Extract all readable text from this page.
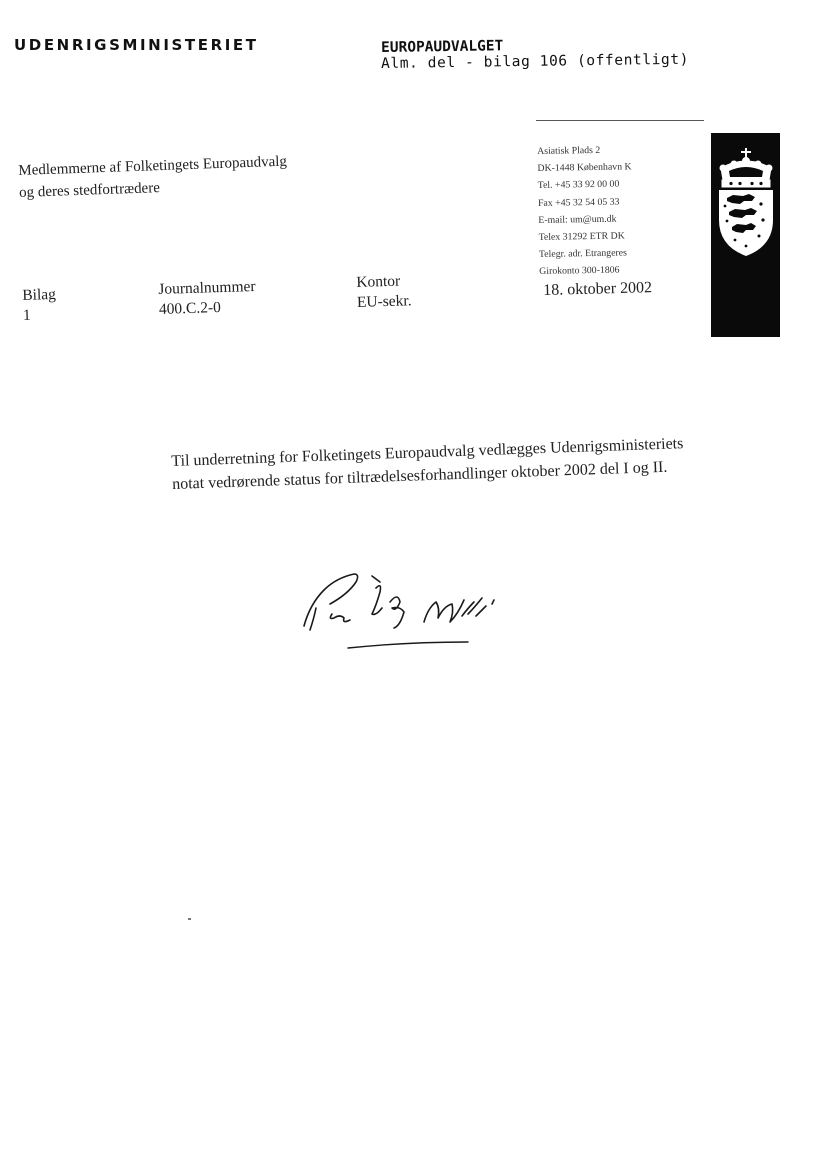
UDENRIGSMINISTERIET	EUROPAUDVALGET
Alm. del - bilag 106 (offentligt)
Medlemmerne af Folketingets Europaudvalg
og deres stedfortrædere
Asiatisk Plads 2
DK-1448 København K
Tel. +45 33 92 00 00
Fax +45 32 54 05 33
E-mail: um@um.dk
Telex 31292 ETR DK
Telegr. adr. Etrangeres
Girokonto 300-1806
Bilag
1
Journalnummer
400.C.2-0
Kontor
EU-sekr.
18. oktober 2002
Til underretning for Folketingets Europaudvalg vedlægges Udenrigsministeriets notat vedrørende status for tiltrædelsesforhandlinger oktober 2002 del I og II.
